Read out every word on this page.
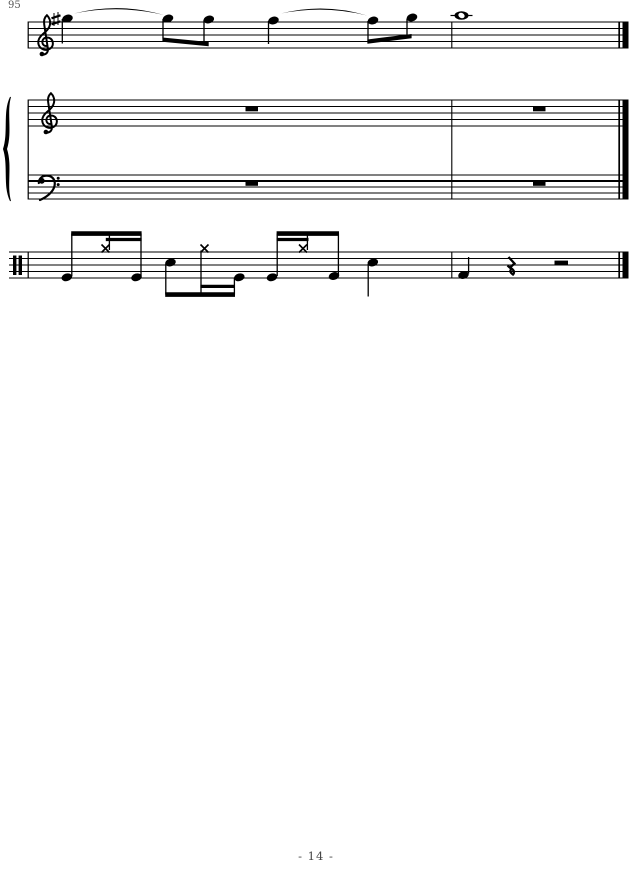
95
- 14 -
